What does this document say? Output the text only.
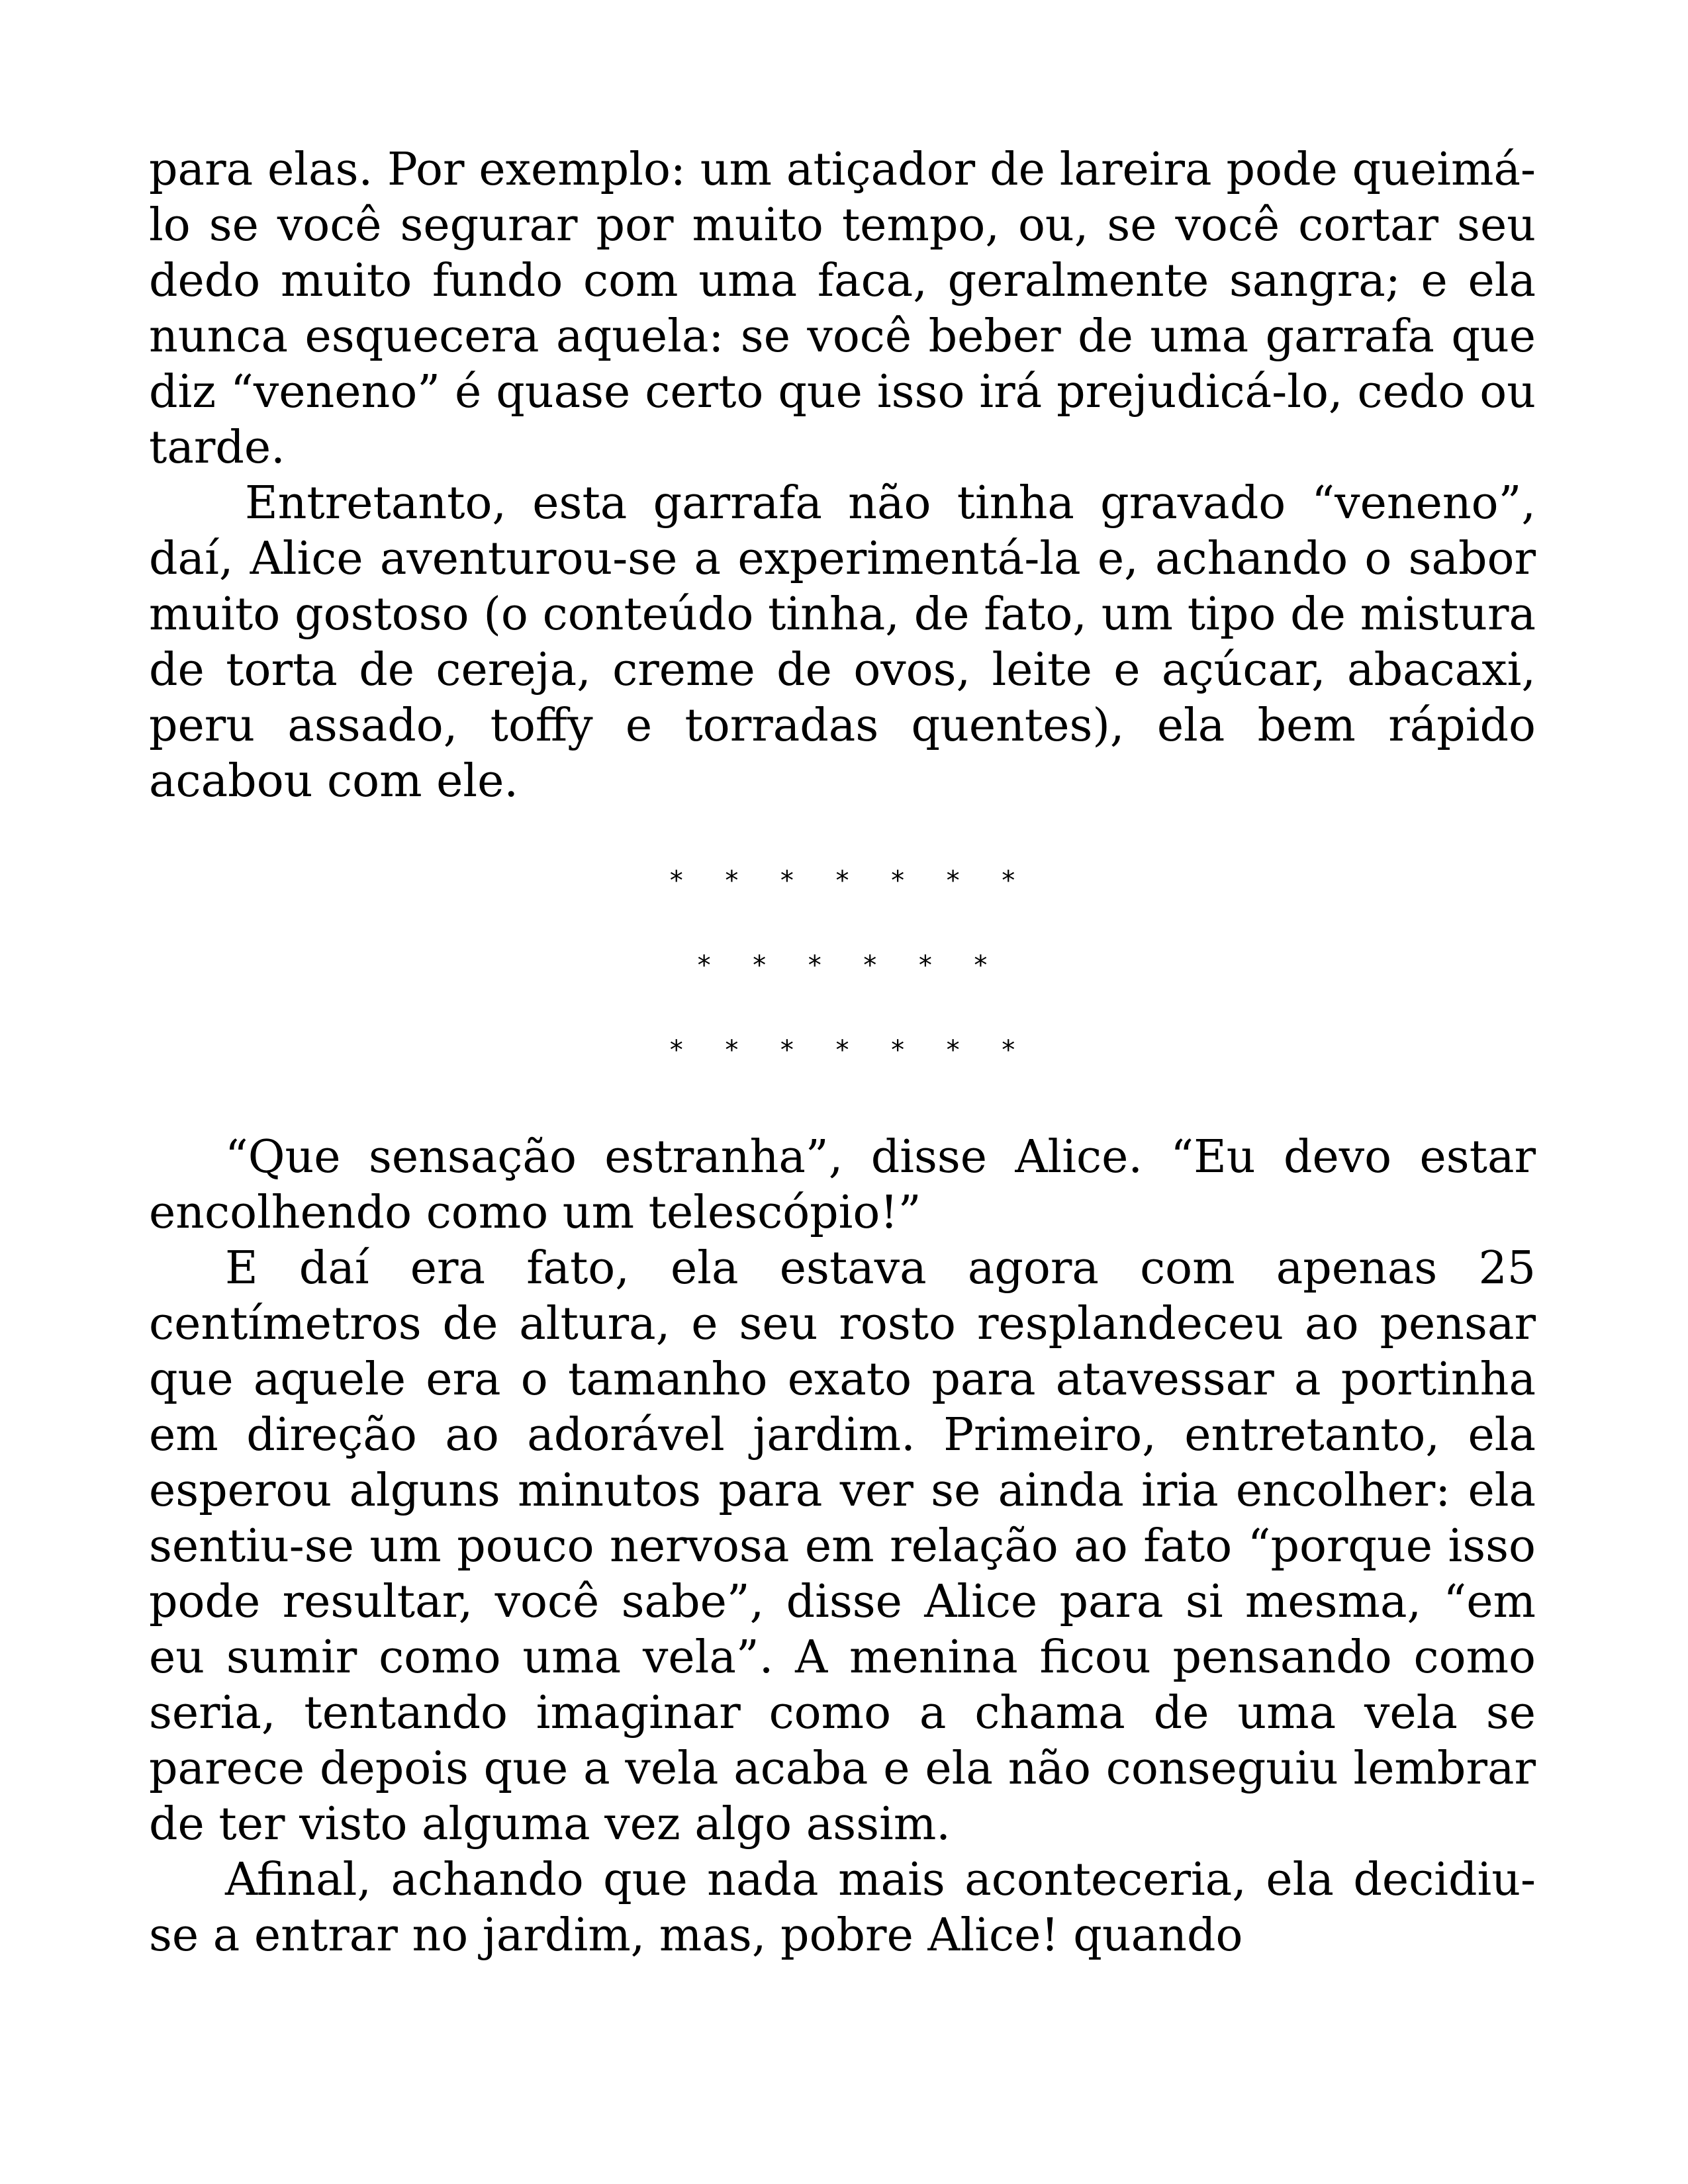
para elas. Por exemplo: um atiçador de lareira pode queimá-lo se você segurar por muito tempo, ou, se você cortar seu dedo muito fundo com uma faca, geralmente sangra; e ela nunca esquecera aquela: se você beber de uma garrafa que diz “veneno” é quase certo que isso irá prejudicá-lo, cedo ou tarde.

Entretanto, esta garrafa não tinha gravado “veneno”, daí, Alice aventurou-se a experimentá-la e, achando o sabor muito gostoso (o conteúdo tinha, de fato, um tipo de mistura de torta de cereja, creme de ovos, leite e açúcar, abacaxi, peru assado, toffy e torradas quentes), ela bem rápido acabou com ele.

*     *     *     *     *     *     *

*     *     *     *     *     *

*     *     *     *     *     *     *

“Que sensação estranha”, disse Alice. “Eu devo estar encolhendo como um telescópio!”

E daí era fato, ela estava agora com apenas 25 centímetros de altura, e seu rosto resplandeceu ao pensar que aquele era o tamanho exato para atavessar a portinha em direção ao adorável jardim. Primeiro, entretanto, ela esperou alguns minutos para ver se ainda iria encolher: ela sentiu-se um pouco nervosa em relação ao fato “porque isso pode resultar, você sabe”, disse Alice para si mesma, “em eu sumir como uma vela”. A menina ficou pensando como seria, tentando imaginar como a chama de uma vela se parece depois que a vela acaba e ela não conseguiu lembrar de ter visto alguma vez algo assim.

Afinal, achando que nada mais aconteceria, ela decidiu-se a entrar no jardim, mas, pobre Alice! quando
